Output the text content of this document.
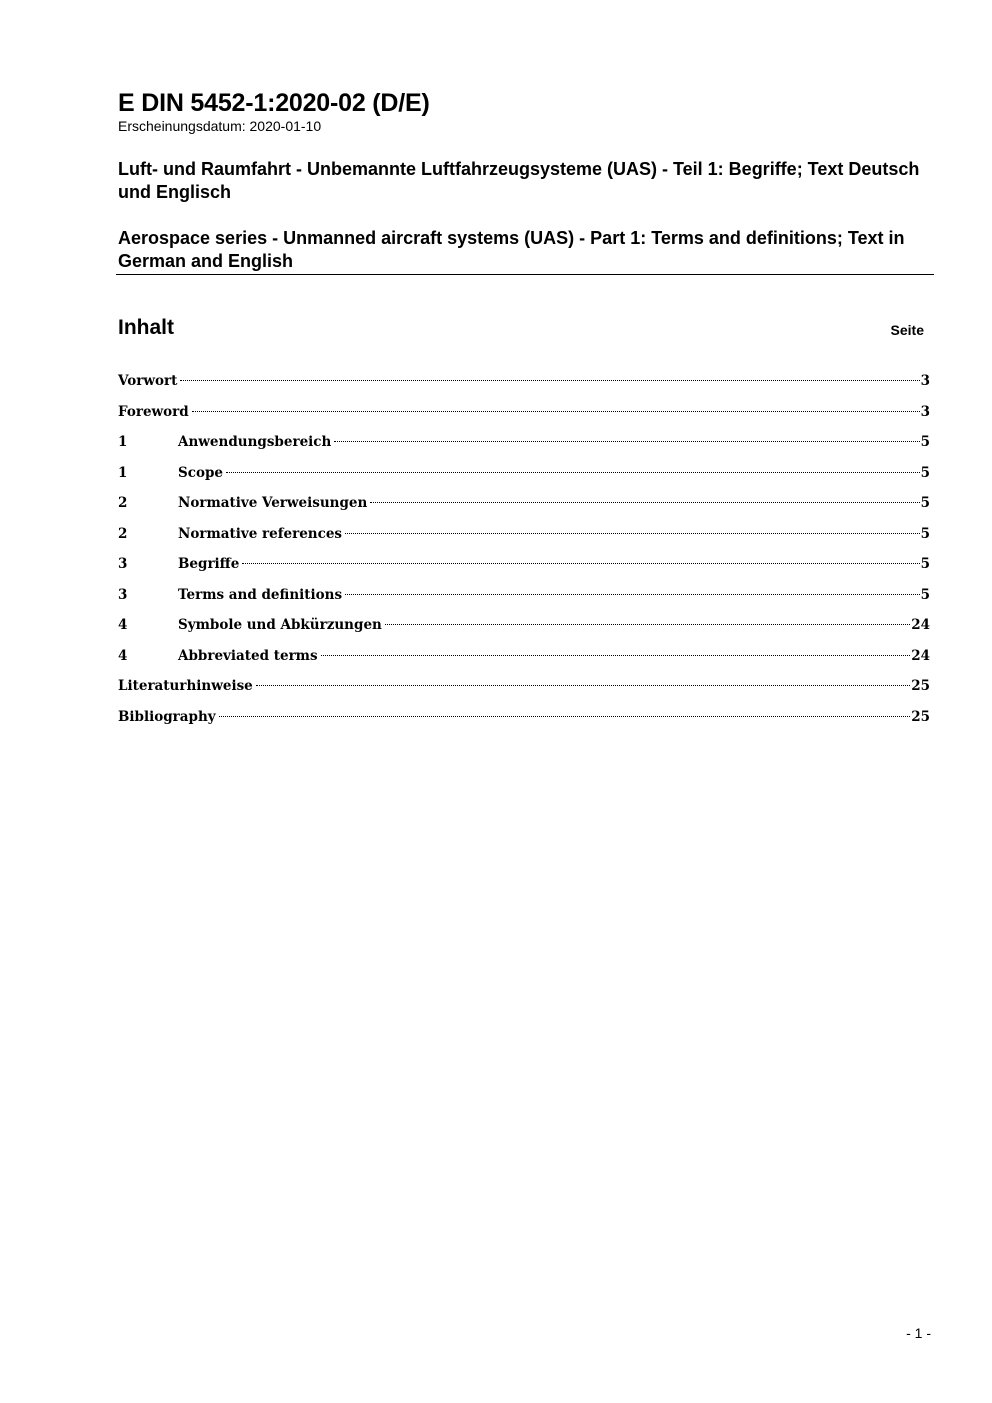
E DIN 5452-1:2020-02 (D/E)

Erscheinungsdatum: 2020-01-10

Luft- und Raumfahrt - Unbemannte Luftfahrzeugsysteme (UAS) - Teil 1: Begriffe; Text Deutsch und Englisch

Aerospace series - Unmanned aircraft systems (UAS) - Part 1: Terms and definitions; Text in German and English

Inhalt	Seite
Vorwort	3
Foreword	3
1	Anwendungsbereich	5
1	Scope	5
2	Normative Verweisungen	5
2	Normative references	5
3	Begriffe	5
3	Terms and definitions	5
4	Symbole und Abkürzungen	24
4	Abbreviated terms	24
Literaturhinweise	25
Bibliography	25
- 1 -
